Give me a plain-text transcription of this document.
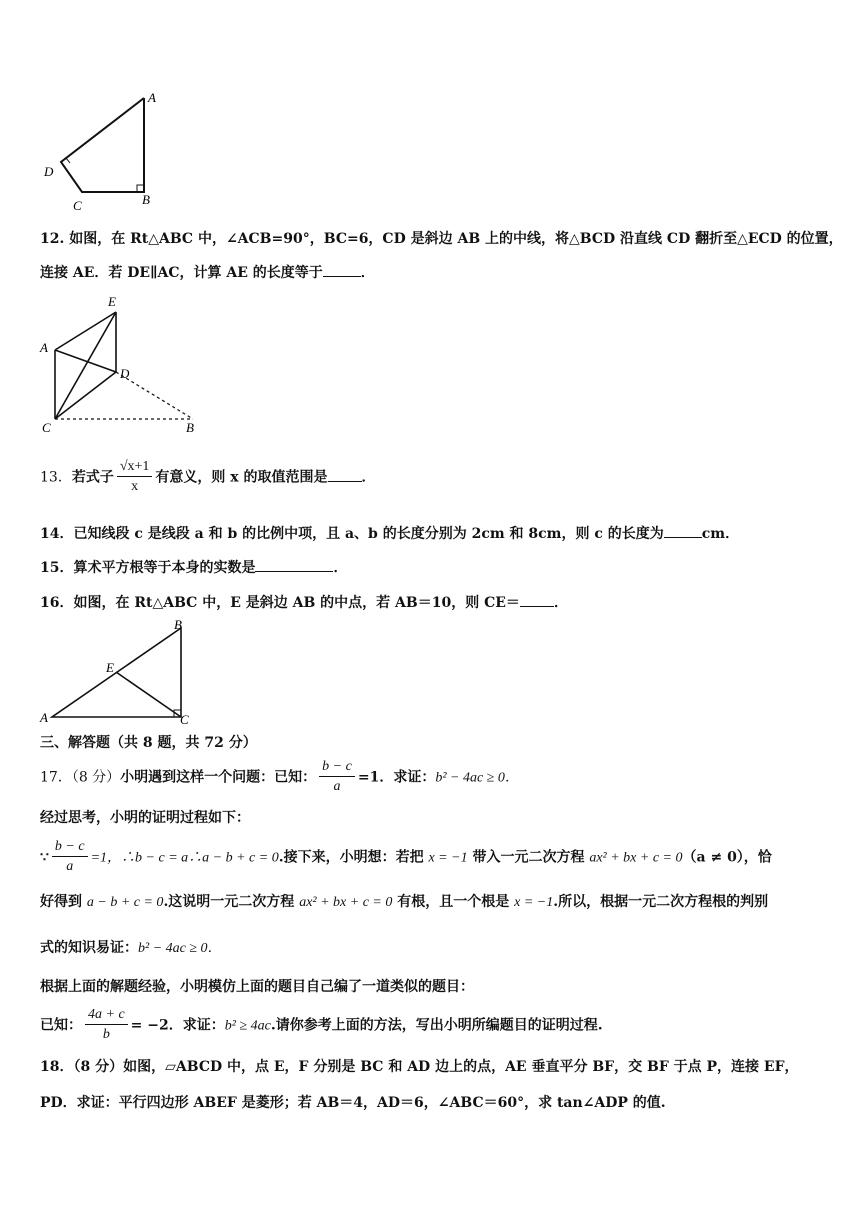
A
D
B
C
12. 如图，在 Rt△ABC 中，∠ACB=90°，BC=6，CD 是斜边 AB 上的中线，将△BCD 沿直线 CD 翻折至△ECD 的位置，
连接 AE．若 DE∥AC，计算 AE 的长度等于	．
E
A
D
C	B
13．若式子 $\frac{√x+1}{x}$ 有意义，则 x 的取值范围是 ．
14．已知线段 c 是线段 a 和 b 的比例中项，且 a、b 的长度分别为 2cm 和 8cm，则 c 的长度为	cm．
15．算术平方根等于本身的实数是	．
16．如图，在 Rt△ABC 中，E 是斜边 AB 的中点，若 AB＝10，则 CE＝ ．
B
E
A	C
三、解答题（共 8 题，共 72 分）
17．（8 分）小明遇到这样一个问题：已知： $\frac{b - c}{a} =1$．求证：b² − 4ac ≥ 0．
经过思考，小明的证明过程如下：
∵ $\frac{b - c}{a} =1$，∴b − c = a∴a − b + c = 0.接下来，小明想：若把 x = −1 带入一元二次方程 ax² + bx + c = 0（a ≠ 0），恰
好得到 a − b + c = 0.这说明一元二次方程 ax² + bx + c = 0 有根，且一个根是 x = −1.所以，根据一元二次方程根的判别
式的知识易证：b² − 4ac ≥ 0．
根据上面的解题经验，小明模仿上面的题目自己编了一道类似的题目：
已知： $\frac{4a + c}{b} = -2$．求证：b² ≥ 4ac.请你参考上面的方法，写出小明所编题目的证明过程.
18．（8 分）如图，▱ABCD 中，点 E，F 分别是 BC 和 AD 边上的点，AE 垂直平分 BF，交 BF 于点 P，连接 EF，
PD．求证：平行四边形 ABEF 是菱形；若 AB＝4，AD＝6，∠ABC＝60°，求 tan∠ADP 的值.
